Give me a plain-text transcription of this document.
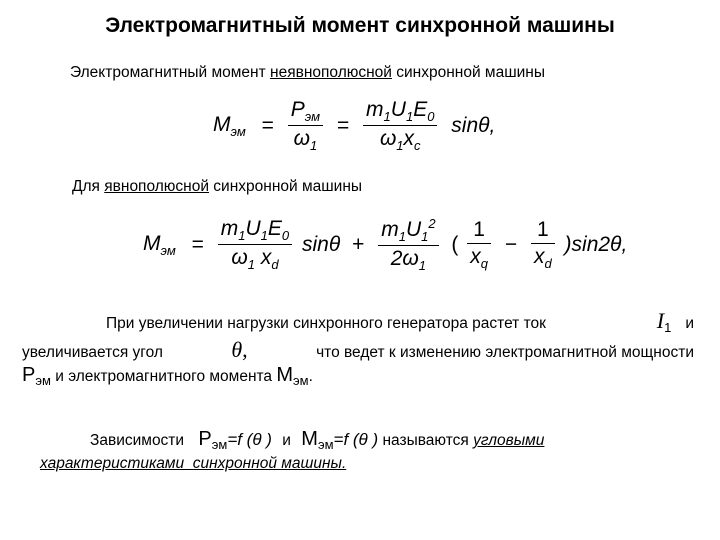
Электромагнитный момент синхронной машины
Электромагнитный момент неявнополюсной синхронной машины
$M_{эм} = \frac{P_{эм}}{\omega_1} = \frac{m_1U_1E_0}{\omega_1x_c} \sin\theta$,
Для явнополюсной синхронной машины
$M_{эм} = \frac{m_1U_1E_0}{\omega_1 x_d}$ $\sin\theta + \frac{m_1U_1^2}{2\omega_1}$ ( $\frac{1}{x_q} - \frac{1}{x_d} )\sin 2\theta$,
При увеличении нагрузки синхронного генератора растет ток	$I_1$ и
увеличивается угол	θ,	что ведет к изменению электромагнитной мощности
$P_{эм}$ и электромагнитного момента $M_{эм}$.
Зависимости $P_{эм}=f$ (θ ) и $M_{эм}=f$ (θ ) называются угловыми
характеристиками  синхронной машины.
